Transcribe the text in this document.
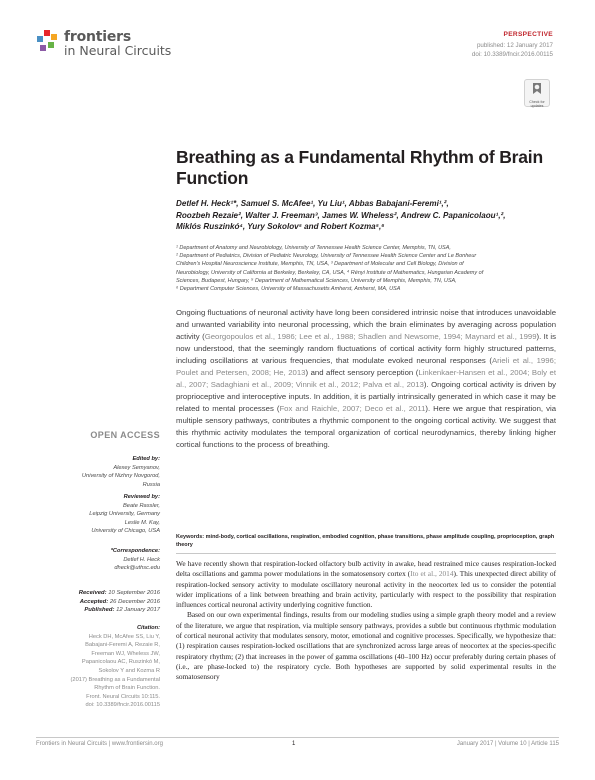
frontiers
in Neural Circuits
PERSPECTIVE
published: 12 January 2017
doi: 10.3389/fncir.2016.00115
Check for
updates
Breathing as a Fundamental Rhythm of Brain Function
Detlef H. Heck¹*, Samuel S. McAfee¹, Yu Liu¹, Abbas Babajani-Feremi¹,²,
Roozbeh Rezaie², Walter J. Freeman³, James W. Wheless², Andrew C. Papanicolaou¹,²,
Miklós Ruszinkó⁴, Yury Sokolov⁵ and Robert Kozma⁵,⁶
¹ Department of Anatomy and Neurobiology, University of Tennessee Health Science Center, Memphis, TN, USA,
² Department of Pediatrics, Division of Pediatric Neurology, University of Tennessee Health Science Center and Le Bonheur
Children's Hospital Neuroscience Institute, Memphis, TN, USA, ³ Department of Molecular and Cell Biology, Division of
Neurobiology, University of California at Berkeley, Berkeley, CA, USA, ⁴ Rényi Institute of Mathematics, Hungarian Academy of
Sciences, Budapest, Hungary, ⁵ Department of Mathematical Sciences, University of Memphis, Memphis, TN, USA,
⁶ Department Computer Sciences, University of Massachusetts Amherst, Amherst, MA, USA
Ongoing fluctuations of neuronal activity have long been considered intrinsic noise that introduces unavoidable and unwanted variability into neuronal processing, which the brain eliminates by averaging across population activity (Georgopoulos et al., 1986; Lee et al., 1988; Shadlen and Newsome, 1994; Maynard et al., 1999). It is now understood, that the seemingly random fluctuations of cortical activity form highly structured patterns, including oscillations at various frequencies, that modulate evoked neuronal responses (Arieli et al., 1996; Poulet and Petersen, 2008; He, 2013) and affect sensory perception (Linkenkaer-Hansen et al., 2004; Boly et al., 2007; Sadaghiani et al., 2009; Vinnik et al., 2012; Palva et al., 2013). Ongoing cortical activity is driven by proprioceptive and interoceptive inputs. In addition, it is partially intrinsically generated in which case it may be related to mental processes (Fox and Raichle, 2007; Deco et al., 2011). Here we argue that respiration, via multiple sensory pathways, contributes a rhythmic component to the ongoing cortical activity. We suggest that this rhythmic activity modulates the temporal organization of cortical neurodynamics, thereby linking higher cortical functions to the process of breathing.
Keywords: mind-body, cortical oscillations, respiration, embodied cognition, phase transitions, phase amplitude coupling, proprioception, graph theory

We have recently shown that respiration-locked olfactory bulb activity in awake, head restrained mice causes respiration-locked delta oscillations and gamma power modulations in the somatosensory cortex (Ito et al., 2014). This unexpected direct ability of respiration-locked sensory activity to modulate oscillatory neuronal activity in the neocortex led us to consider the potential wider implications of a link between breathing and brain activity, particularly with respect to the possibility that respiration influences cortical neuronal activity underlying cognitive function.

Based on our own experimental findings, results from our modeling studies using a simple graph theory model and a review of the literature, we argue that respiration, via multiple sensory pathways, provides a subtle but continuous rhythmic modulation of cortical neuronal activity that modulates sensory, motor, emotional and cognitive processes. Specifically, we hypothesize that: (1) respiration causes respiration-locked oscillations that are synchronized across large areas of neocortex at the species-specific respiratory rhythm; (2) that increases in the power of gamma oscillations (40–100 Hz) occur preferably during certain phases of (i.e., are phase-locked to) the respiratory cycle. Both hypotheses are supported by solid experimental results in the somatosensory

OPEN ACCESS
Edited by:
Alexey Semyanov,
University of Nizhny Novgorod,
Russia
Reviewed by:
Beate Rassler,
Leipzig University, Germany
Leslie M. Kay,
University of Chicago, USA
*Correspondence:
Detlef H. Heck
dheck@uthsc.edu
Received: 10 September 2016
Accepted: 26 December 2016
Published: 12 January 2017
Citation:
Heck DH, McAfee SS, Liu Y,
Babajani-Feremi A, Rezaie R,
Freeman WJ, Wheless JW,
Papanicolaou AC, Ruszinkó M,
Sokolov Y and Kozma R
(2017) Breathing as a Fundamental
Rhythm of Brain Function.
Front. Neural Circuits 10:115.
doi: 10.3389/fncir.2016.00115
Frontiers in Neural Circuits | www.frontiersin.org	1	January 2017 | Volume 10 | Article 115
